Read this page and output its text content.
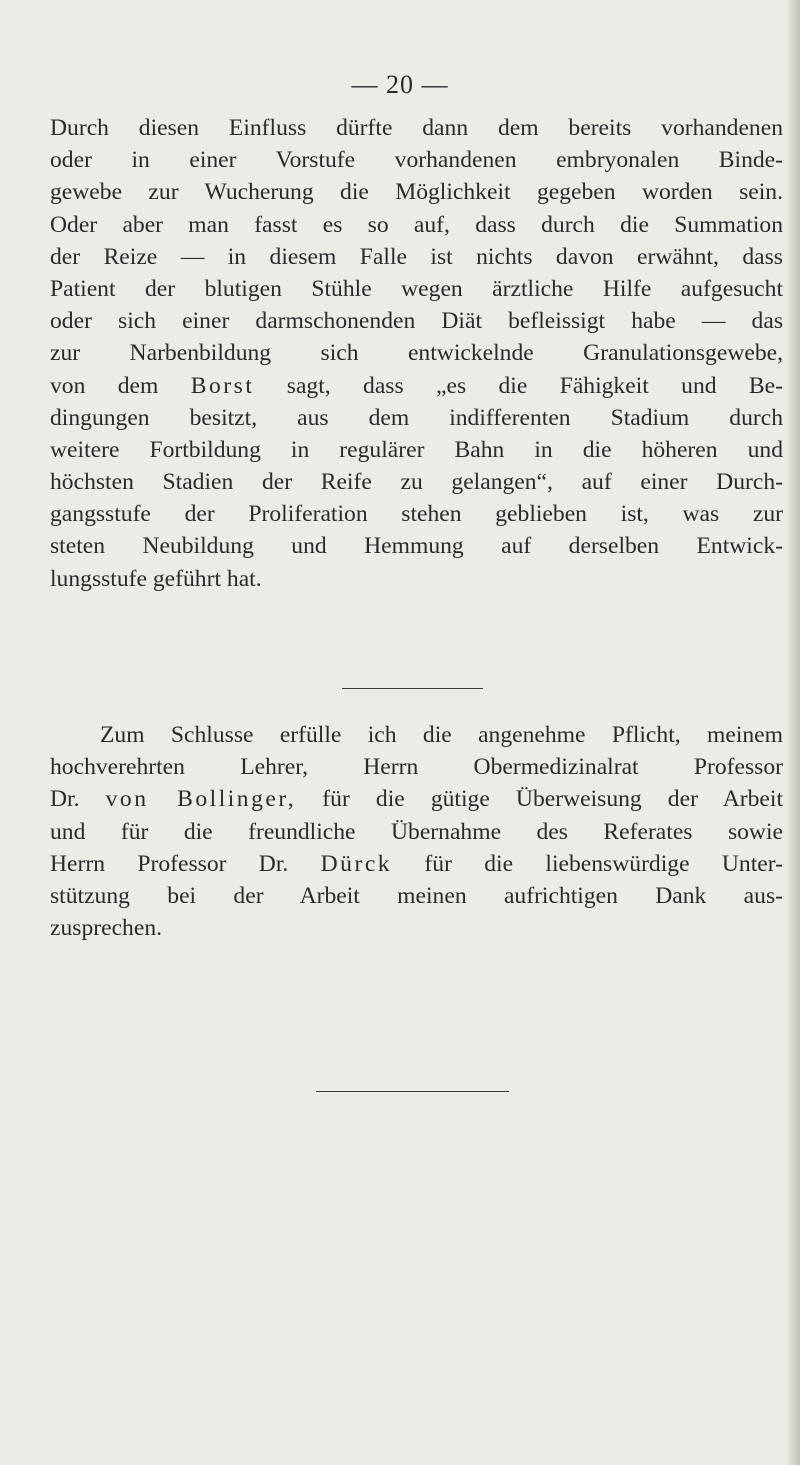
— 20 —
Durch diesen Einfluss dürfte dann dem bereits vorhandenen
oder in einer Vorstufe vorhandenen embryonalen Binde-
gewebe zur Wucherung die Möglichkeit gegeben worden sein.
Oder aber man fasst es so auf, dass durch die Summation
der Reize — in diesem Falle ist nichts davon erwähnt, dass
Patient der blutigen Stühle wegen ärztliche Hilfe aufgesucht
oder sich einer darmschonenden Diät befleissigt habe — das
zur Narbenbildung sich entwickelnde Granulationsgewebe,
von dem Borst sagt, dass „es die Fähigkeit und Be-
dingungen besitzt, aus dem indifferenten Stadium durch
weitere Fortbildung in regulärer Bahn in die höheren und
höchsten Stadien der Reife zu gelangen“, auf einer Durch-
gangsstufe der Proliferation stehen geblieben ist, was zur
steten Neubildung und Hemmung auf derselben Entwick-
lungsstufe geführt hat.
Zum Schlusse erfülle ich die angenehme Pflicht, meinem
hochverehrten Lehrer, Herrn Obermedizinalrat Professor
Dr. von Bollinger, für die gütige Überweisung der Arbeit
und für die freundliche Übernahme des Referates sowie
Herrn Professor Dr. Dürck für die liebenswürdige Unter-
stützung bei der Arbeit meinen aufrichtigen Dank aus-
zusprechen.
